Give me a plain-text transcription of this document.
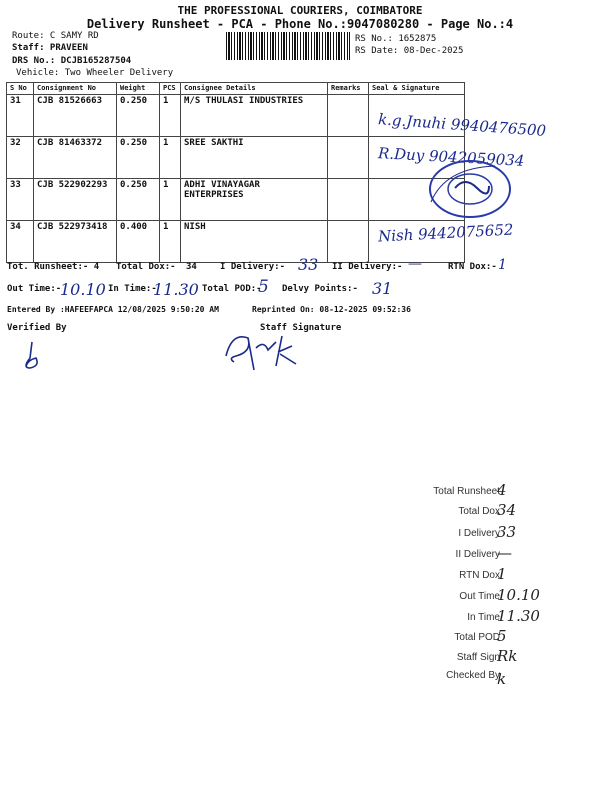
THE PROFESSIONAL COURIERS, COIMBATORE
Delivery Runsheet - PCA - Phone No.:9047080280 - Page No.:4
Route: C SAMY RD
Staff: PRAVEEN
DRS No.: DCJB165287504
Vehicle: Two Wheeler Delivery
RS No.: 1652875
RS Date: 08-Dec-2025
S No	Consignment No	Weight	PCS	Consignee Details	Remarks	Seal & Signature
31	CJB 81526663	0.250	1	M/S THULASI INDUSTRIES		
32	CJB 81463372	0.250	1	SREE SAKTHI		
33	CJB 522902293	0.250	1	ADHI VINAYAGAR ENTERPRISES		
34	CJB 522973418	0.400	1	NISH		
k.g.Jnuhi 9940476500
R.Duy 9042059034
Nish 9442075652
Tot. Runsheet:- 4 Total Dox:- 34	I Delivery:- 33 II Delivery:- —	RTN Dox:- 1
Out Time:-
10.10 In Time:-
11.30 Total POD:-
5 Delvy Points:- 31
Entered By :HAFEEFAPCA 12/08/2025 9:50:20 AM	Reprinted On: 08-12-2025 09:52:36
Verified By	Staff Signature
Total Runsheet
4
Total Dox
34
I Delivery
33
II Delivery
—
RTN Dox
1
Out Time
10.10
In Time
11.30
Total POD
5
Staff Sign
Rk
Checked By
k
